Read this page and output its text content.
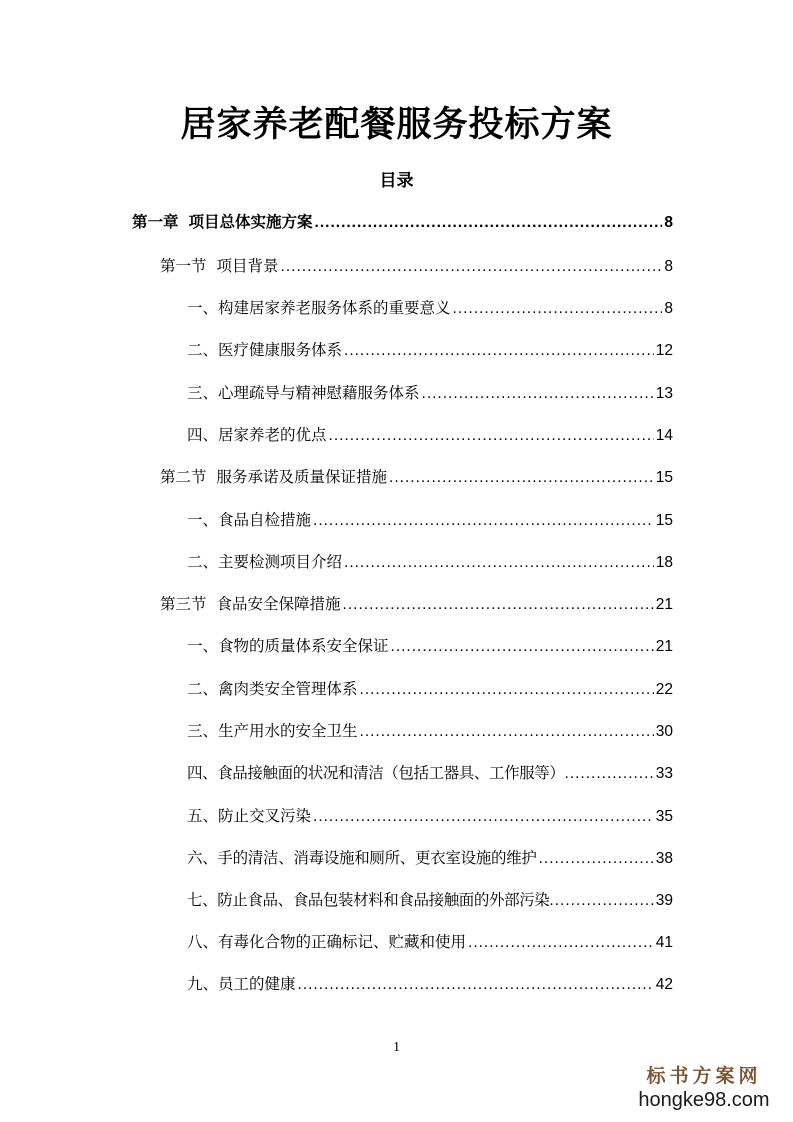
居家养老配餐服务投标方案
目录
第一章 项目总体实施方案 .....	8
第一节 项目背景 .....	8
一、构建居家养老服务体系的重要意义 .....	8
二、医疗健康服务体系 .....	12
三、心理疏导与精神慰藉服务体系 .....	13
四、居家养老的优点 .....	14
第二节 服务承诺及质量保证措施 .....	15
一、食品自检措施 .....	15
二、主要检测项目介绍 .....	18
第三节 食品安全保障措施 .....	21
一、食物的质量体系安全保证 .....	21
二、禽肉类安全管理体系 .....	22
三、生产用水的安全卫生 .....	30
四、食品接触面的状况和清洁（包括工器具、工作服等） .....	33
五、防止交叉污染 .....	35
六、手的清洁、消毒设施和厕所、更衣室设施的维护 .....	38
七、防止食品、食品包装材料和食品接触面的外部污染 .....	39
八、有毒化合物的正确标记、贮藏和使用 .....	41
九、员工的健康 .....	42
1
标书方案网
hongke98.com
